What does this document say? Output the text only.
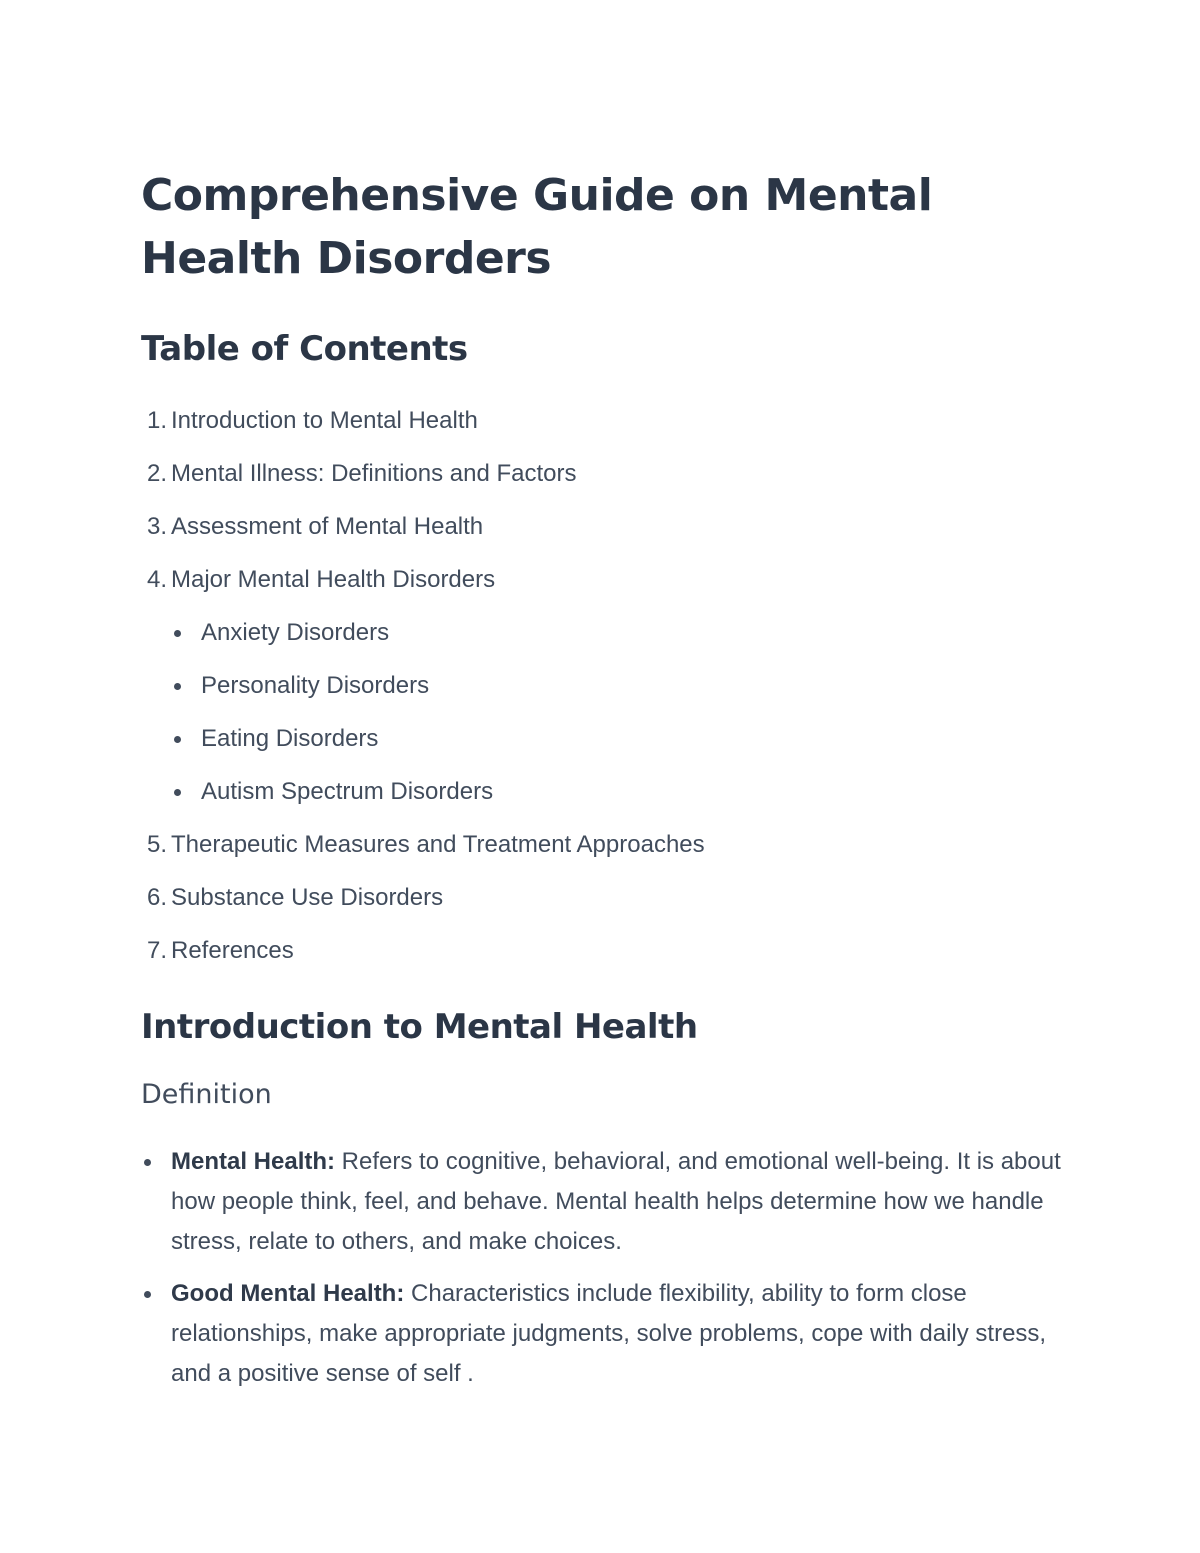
Comprehensive Guide on Mental Health Disorders
Table of Contents
1. Introduction to Mental Health
2. Mental Illness: Definitions and Factors
3. Assessment of Mental Health
4. Major Mental Health Disorders
Anxiety Disorders
Personality Disorders
Eating Disorders
Autism Spectrum Disorders
5. Therapeutic Measures and Treatment Approaches
6. Substance Use Disorders
7. References
Introduction to Mental Health
Definition
Mental Health: Refers to cognitive, behavioral, and emotional well-being. It is about how people think, feel, and behave. Mental health helps determine how we handle stress, relate to others, and make choices.
Good Mental Health: Characteristics include flexibility, ability to form close relationships, make appropriate judgments, solve problems, cope with daily stress, and a positive sense of self .
